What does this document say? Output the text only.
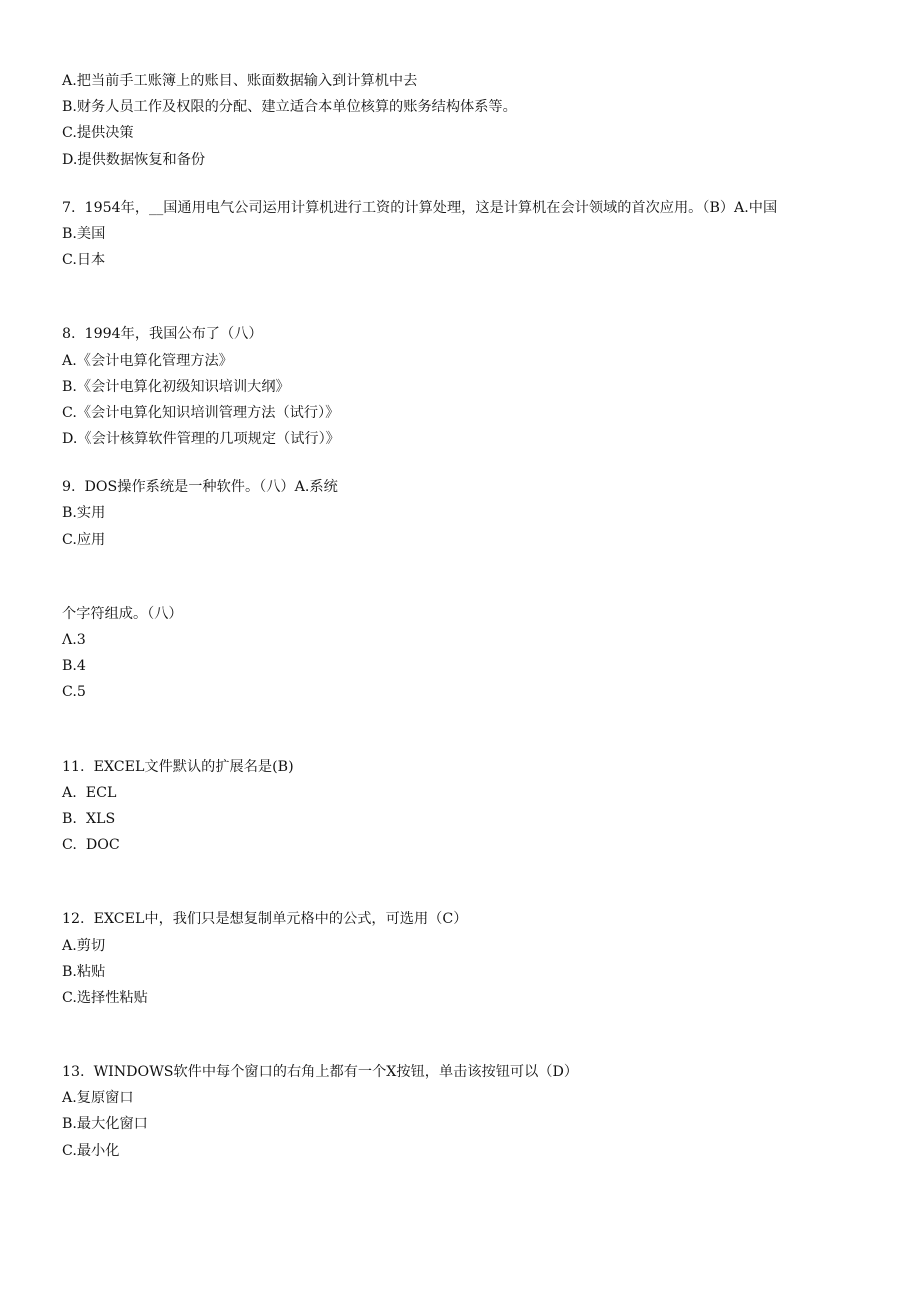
A.把当前手工账簿上的账目、账面数据输入到计算机中去
B.财务人员工作及权限的分配、建立适合本单位核算的账务结构体系等。
C.提供决策
D.提供数据恢复和备份
7.  1954年，__国通用电气公司运用计算机进行工资的计算处理，这是计算机在会计领域的首次应用。（B）A.中国
B.美国
C.日本
8.  1994年，我国公布了（八）
A.《会计电算化管理方法》
B.《会计电算化初级知识培训大纲》
C.《会计电算化知识培训管理方法（试行）》
D.《会计核算软件管理的几项规定（试行）》
9.  DOS操作系统是一种软件。（八）A.系统
B.实用
C.应用
个字符组成。（八）
Λ.3
B.4
C.5
11.  EXCEL文件默认的扩展名是(B)
A.  ECL
B.  XLS
C.  DOC
12.  EXCEL中，我们只是想复制单元格中的公式，可选用（C）
A.剪切
B.粘贴
C.选择性粘贴
13.  WINDOWS软件中每个窗口的右角上都有一个X按钮，单击该按钮可以（D）
A.复原窗口
B.最大化窗口
C.最小化
